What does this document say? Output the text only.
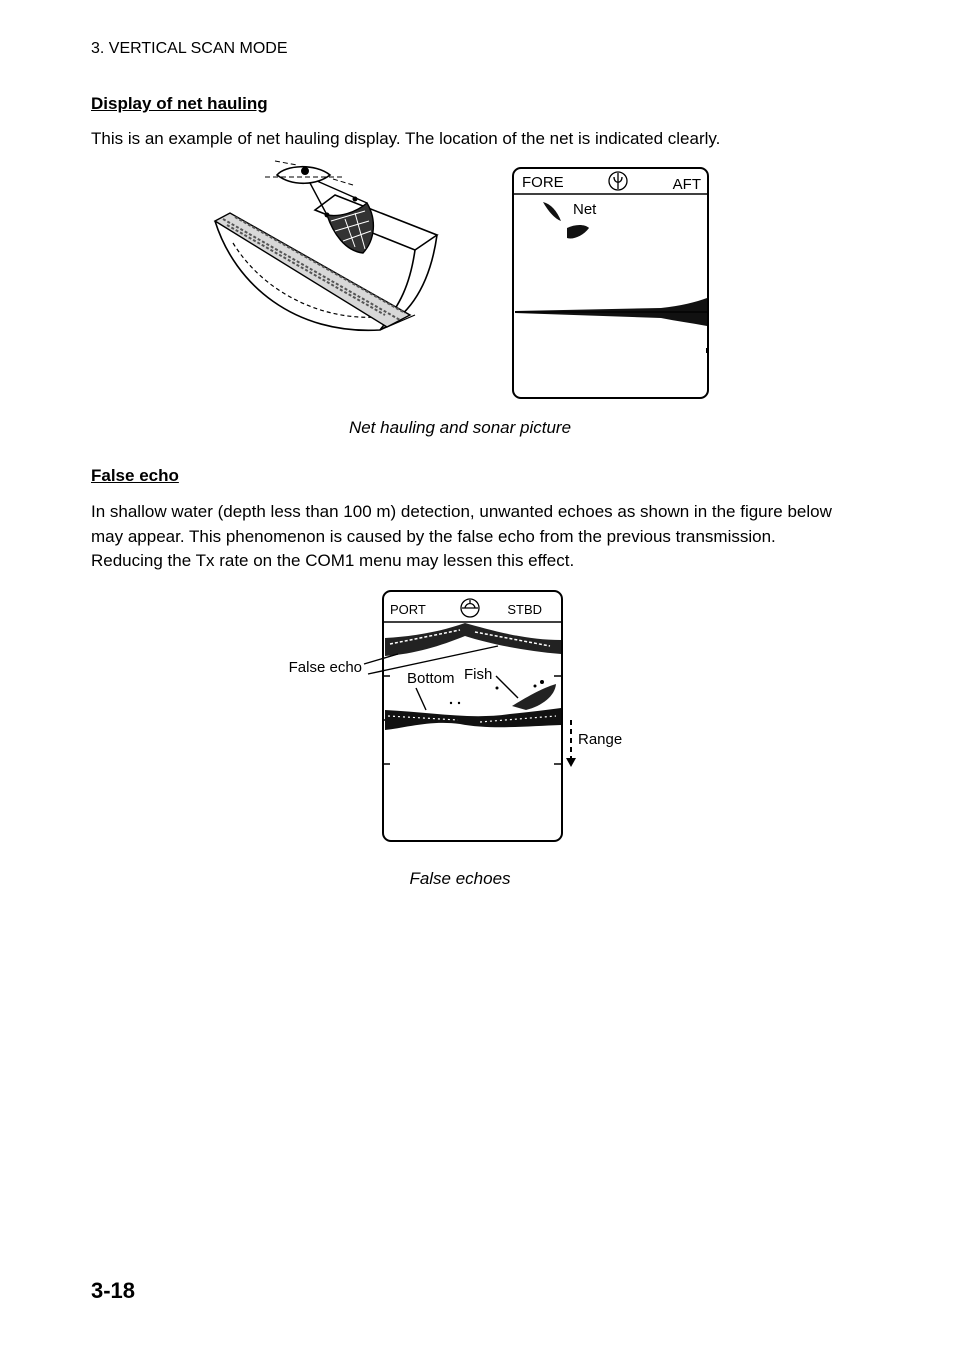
3. VERTICAL SCAN MODE
Display of net hauling
This is an example of net hauling display. The location of the net is indicated clearly.
FORE	AFT
Net
Net hauling and sonar picture
False echo
In shallow water (depth less than 100 m) detection, unwanted echoes as shown in the figure below may appear. This phenomenon is caused by the false echo from the previous transmission. Reducing the Tx rate on the COM1 menu may lessen this effect.
PORT	STBD
False echo
Bottom Fish
Range
False echoes
3-18
